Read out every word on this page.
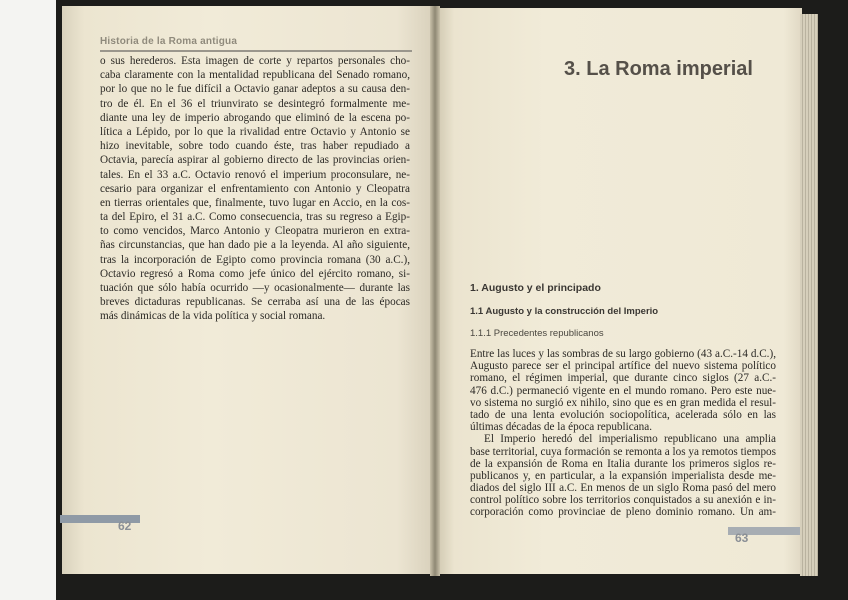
Historia de la Roma antigua
o sus herederos. Esta imagen de corte y repartos personales cho-
caba claramente con la mentalidad republicana del Senado romano,
por lo que no le fue difícil a Octavio ganar adeptos a su causa den-
tro de él. En el 36 el triunvirato se desintegró formalmente me-
diante una ley de imperio abrogando que eliminó de la escena po-
lítica a Lépido, por lo que la rivalidad entre Octavio y Antonio se
hizo inevitable, sobre todo cuando éste, tras haber repudiado a
Octavia, parecía aspirar al gobierno directo de las provincias orien-
tales. En el 33 a.C. Octavio renovó el imperium proconsulare, ne-
cesario para organizar el enfrentamiento con Antonio y Cleopatra
en tierras orientales que, finalmente, tuvo lugar en Accio, en la cos-
ta del Epiro, el 31 a.C. Como consecuencia, tras su regreso a Egip-
to como vencidos, Marco Antonio y Cleopatra murieron en extra-
ñas circunstancias, que han dado pie a la leyenda. Al año siguiente,
tras la incorporación de Egipto como provincia romana (30 a.C.),
Octavio regresó a Roma como jefe único del ejército romano, si-
tuación que sólo había ocurrido —y ocasionalmente— durante las
breves dictaduras republicanas. Se cerraba así una de las épocas
más dinámicas de la vida política y social romana.
3. La Roma imperial
1. Augusto y el principado
1.1 Augusto y la construcción del Imperio
1.1.1 Precedentes republicanos
Entre las luces y las sombras de su largo gobierno (43 a.C.-14 d.C.),
Augusto parece ser el principal artífice del nuevo sistema político
romano, el régimen imperial, que durante cinco siglos (27 a.C.-
476 d.C.) permaneció vigente en el mundo romano. Pero este nue-
vo sistema no surgió ex nihilo, sino que es en gran medida el resul-
tado de una lenta evolución sociopolítica, acelerada sólo en las
últimas décadas de la época republicana.
El Imperio heredó del imperialismo republicano una amplia
base territorial, cuya formación se remonta a los ya remotos tiempos
de la expansión de Roma en Italia durante los primeros siglos re-
publicanos y, en particular, a la expansión imperialista desde me-
diados del siglo III a.C. En menos de un siglo Roma pasó del mero
control político sobre los territorios conquistados a su anexión e in-
corporación como provinciae de pleno dominio romano. Un am-
62
63
